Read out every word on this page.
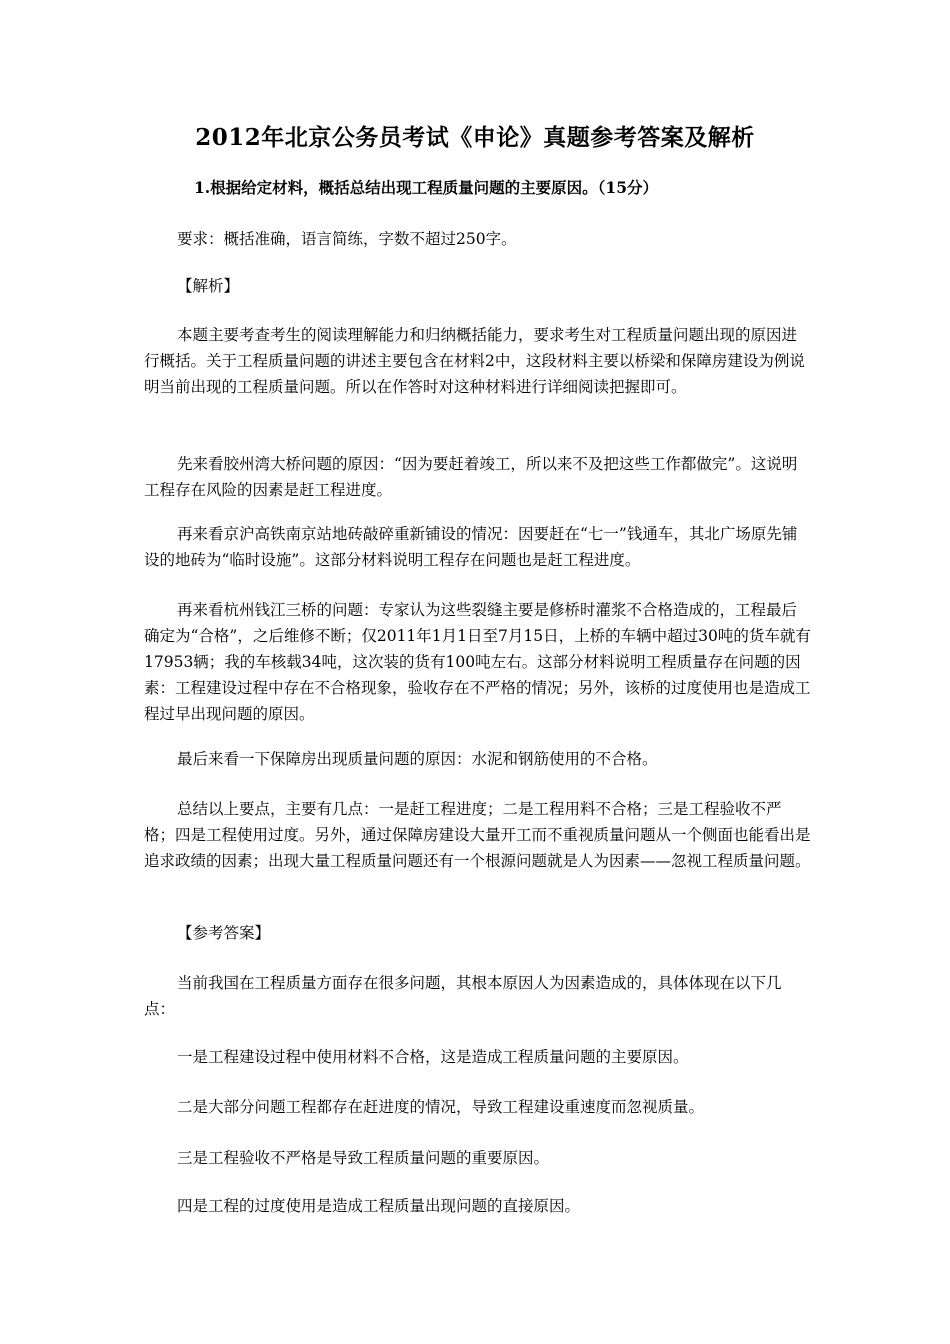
2012年北京公务员考试《申论》真题参考答案及解析
1.根据给定材料，概括总结出现工程质量问题的主要原因。（15分）

要求：概括准确，语言简练，字数不超过250字。

【解析】

本题主要考查考生的阅读理解能力和归纳概括能力，要求考生对工程质量问题出现的原因进行概括。关于工程质量问题的讲述主要包含在材料2中，这段材料主要以桥梁和保障房建设为例说明当前出现的工程质量问题。所以在作答时对这种材料进行详细阅读把握即可。

先来看胶州湾大桥问题的原因：“因为要赶着竣工，所以来不及把这些工作都做完”。这说明工程存在风险的因素是赶工程进度。

再来看京沪高铁南京站地砖敲碎重新铺设的情况：因要赶在“七一”钱通车，其北广场原先铺设的地砖为“临时设施”。这部分材料说明工程存在问题也是赶工程进度。

再来看杭州钱江三桥的问题：专家认为这些裂缝主要是修桥时灌浆不合格造成的，工程最后确定为“合格”，之后维修不断；仅2011年1月1日至7月15日，上桥的车辆中超过30吨的货车就有17953辆；我的车核载34吨，这次装的货有100吨左右。这部分材料说明工程质量存在问题的因素：工程建设过程中存在不合格现象，验收存在不严格的情况；另外，该桥的过度使用也是造成工程过早出现问题的原因。

最后来看一下保障房出现质量问题的原因：水泥和钢筋使用的不合格。

总结以上要点，主要有几点：一是赶工程进度；二是工程用料不合格；三是工程验收不严格；四是工程使用过度。另外，通过保障房建设大量开工而不重视质量问题从一个侧面也能看出是追求政绩的因素；出现大量工程质量问题还有一个根源问题就是人为因素——忽视工程质量问题。

【参考答案】

当前我国在工程质量方面存在很多问题，其根本原因人为因素造成的，具体体现在以下几点：

一是工程建设过程中使用材料不合格，这是造成工程质量问题的主要原因。

二是大部分问题工程都存在赶进度的情况，导致工程建设重速度而忽视质量。

三是工程验收不严格是导致工程质量问题的重要原因。

四是工程的过度使用是造成工程质量出现问题的直接原因。
